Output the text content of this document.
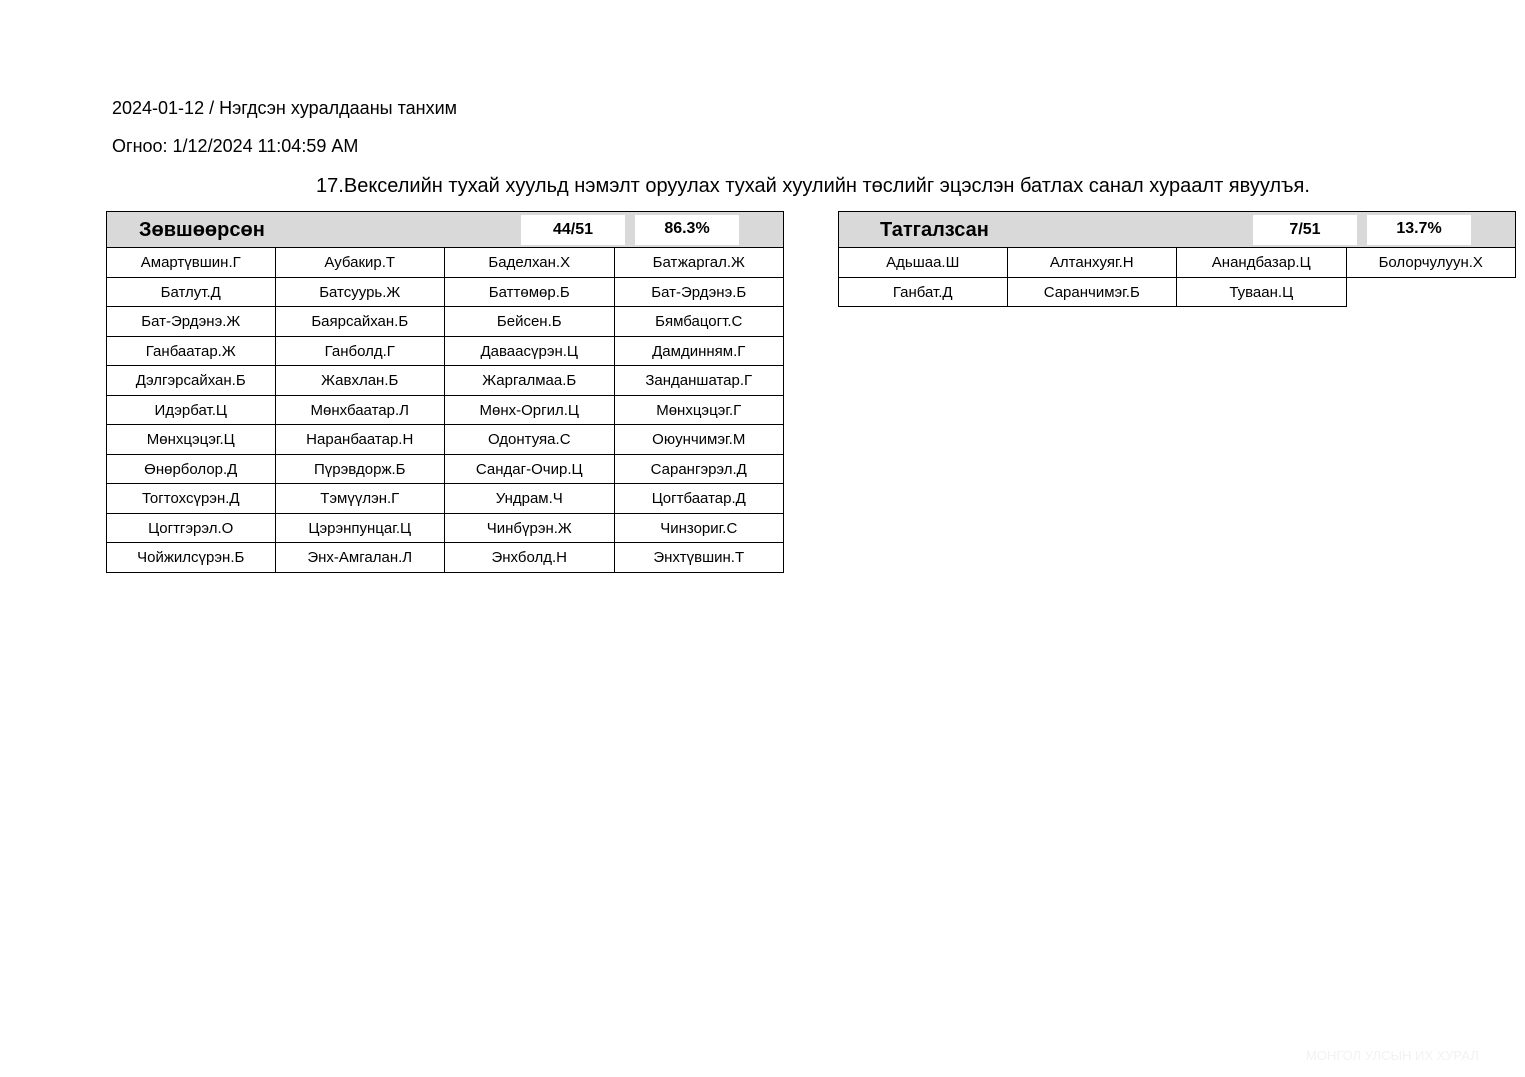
2024-01-12 / Нэгдсэн хуралдааны танхим
Огноо: 1/12/2024 11:04:59 AM
17.Векселийн тухай хуульд нэмэлт оруулах тухай хуулийн төслийг эцэслэн батлах санал хураалт явуулъя.
Зөвшөөрсөн	44/51	86.3%
Амартүвшин.Г	Аубакир.Т	Баделхан.Х	Батжаргал.Ж
Батлут.Д	Батсуурь.Ж	Баттөмөр.Б	Бат-Эрдэнэ.Б
Бат-Эрдэнэ.Ж	Баярсайхан.Б	Бейсен.Б	Бямбацогт.С
Ганбаатар.Ж	Ганболд.Г	Даваасүрэн.Ц	Дамдинням.Г
Дэлгэрсайхан.Б	Жавхлан.Б	Жаргалмаа.Б	Занданшатар.Г
Идэрбат.Ц	Мөнхбаатар.Л	Мөнх-Оргил.Ц	Мөнхцэцэг.Г
Мөнхцэцэг.Ц	Наранбаатар.Н	Одонтуяа.С	Оюунчимэг.М
Өнөрболор.Д	Пүрэвдорж.Б	Сандаг-Очир.Ц	Сарангэрэл.Д
Тогтохсүрэн.Д	Тэмүүлэн.Г	Ундрам.Ч	Цогтбаатар.Д
Цогтгэрэл.О	Цэрэнпунцаг.Ц	Чинбүрэн.Ж	Чинзориг.С
Чойжилсүрэн.Б	Энх-Амгалан.Л	Энхболд.Н	Энхтүвшин.Т
Татгалзсан	7/51	13.7%
Адьшаа.Ш	Алтанхуяг.Н	Анандбазар.Ц	Болорчулуун.Х
Ганбат.Д	Саранчимэг.Б	Туваан.Ц
МОНГОЛ УЛСЫН ИХ ХУРАЛ
